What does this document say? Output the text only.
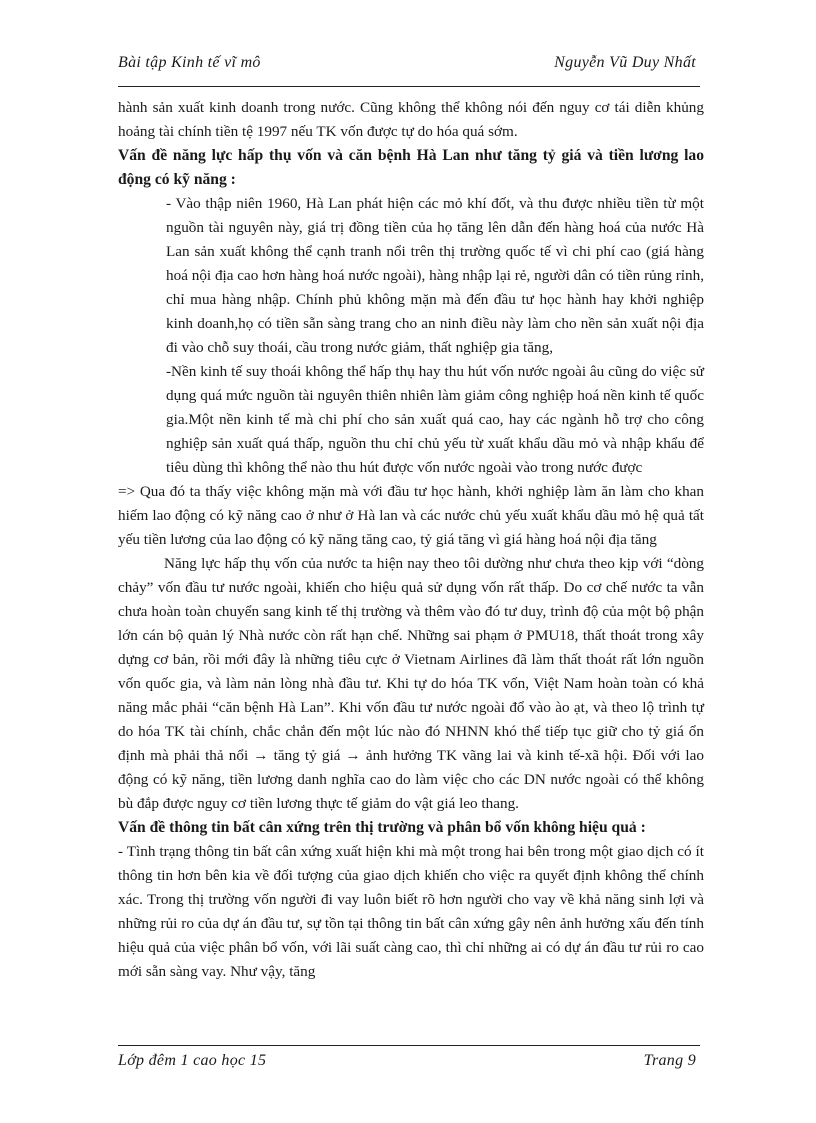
Bài tập Kinh tế vĩ mô	Nguyễn Vũ Duy Nhất

hành sản xuất kinh doanh trong nước. Cũng không thể không nói đến nguy cơ tái diễn khủng hoảng tài chính tiền tệ 1997 nếu TK vốn được tự do hóa quá sớm.

Vấn đề năng lực hấp thụ vốn và căn bệnh Hà Lan như tăng tỷ giá và tiền lương lao động có kỹ năng :

- Vào thập niên 1960, Hà Lan phát hiện các mỏ khí đốt, và thu được nhiều tiền từ một nguồn tài nguyên này, giá trị đồng tiền của họ tăng lên dẫn đến hàng hoá của nước Hà Lan sản xuất không thể cạnh tranh nổi trên thị trường quốc tế vì chi phí cao (giá hàng hoá nội địa cao hơn hàng hoá nước ngoài), hàng nhập lại rẻ, người dân có tiền rủng rỉnh, chỉ mua hàng nhập. Chính phủ không mặn mà đến đầu tư học hành hay khởi nghiệp kinh doanh,họ có tiền sẵn sàng trang cho an ninh điều này làm cho nền sản xuất nội địa đi vào chỗ suy thoái, cầu trong nước giảm, thất nghiệp gia tăng,

-Nền kinh tế suy thoái không thể hấp thụ hay thu hút vốn nước ngoài âu cũng do việc sử dụng quá mức nguồn tài nguyên thiên nhiên làm giảm công nghiệp hoá nền kinh tế quốc gia.Một nền kinh tế mà chi phí cho sản xuất quá cao, hay các ngành hỗ trợ cho công nghiệp sản xuất quá thấp, nguồn thu chỉ chủ yếu từ xuất khẩu dầu mỏ và nhập khẩu để tiêu dùng thì không thể nào thu hút được vốn nước ngoài vào trong nước được

=> Qua đó ta thấy việc không mặn mà với đầu tư học hành, khởi nghiệp làm ăn làm cho khan hiếm lao động có kỹ năng cao ở như ở Hà lan và các nước chủ yếu xuất khẩu dầu mỏ hệ quả tất yếu tiền lương của lao động có kỹ năng tăng cao, tỷ giá tăng vì giá hàng hoá nội địa tăng

Năng lực hấp thụ vốn của nước ta hiện nay theo tôi dường như chưa theo kịp với “dòng chảy” vốn đầu tư nước ngoài, khiến cho hiệu quả sử dụng vốn rất thấp. Do cơ chế nước ta vẫn chưa hoàn toàn chuyển sang kinh tế thị trường và thêm vào đó tư duy, trình độ của một bộ phận lớn cán bộ quản lý Nhà nước còn rất hạn chế. Những sai phạm ở PMU18, thất thoát trong xây dựng cơ bản, rồi mới đây là những tiêu cực ở Vietnam Airlines đã làm thất thoát rất lớn nguồn vốn quốc gia, và làm nản lòng nhà đầu tư. Khi tự do hóa TK vốn, Việt Nam hoàn toàn có khả năng mắc phải “căn bệnh Hà Lan”. Khi vốn đầu tư nước ngoài đổ vào ào ạt, và theo lộ trình tự do hóa TK tài chính, chắc chắn đến một lúc nào đó NHNN khó thể tiếp tục giữ cho tỷ giá ổn định mà phải thả nổi → tăng tỷ giá → ảnh hưởng TK vãng lai và kinh tế-xã hội. Đối với lao động có kỹ năng, tiền lương danh nghĩa cao do làm việc cho các DN nước ngoài có thể không bù đắp được nguy cơ tiền lương thực tế giảm do vật giá leo thang.

Vấn đề thông tin bất cân xứng trên thị trường và phân bổ vốn không hiệu quả :

- Tình trạng thông tin bất cân xứng xuất hiện khi mà một trong hai bên trong một giao dịch có ít thông tin hơn bên kia về đối tượng của giao dịch khiến cho việc ra quyết định không thể chính xác. Trong thị trường vốn người đi vay luôn biết rõ hơn người cho vay về khả năng sinh lợi và những rủi ro của dự án đầu tư, sự tồn tại thông tin bất cân xứng gây nên ảnh hưởng xấu đến tính hiệu quả của việc phân bổ vốn, với lãi suất càng cao, thì chỉ những ai có dự án đầu tư rủi ro cao mới sẵn sàng vay. Như vậy, tăng

Lớp đêm 1 cao học 15	Trang 9
